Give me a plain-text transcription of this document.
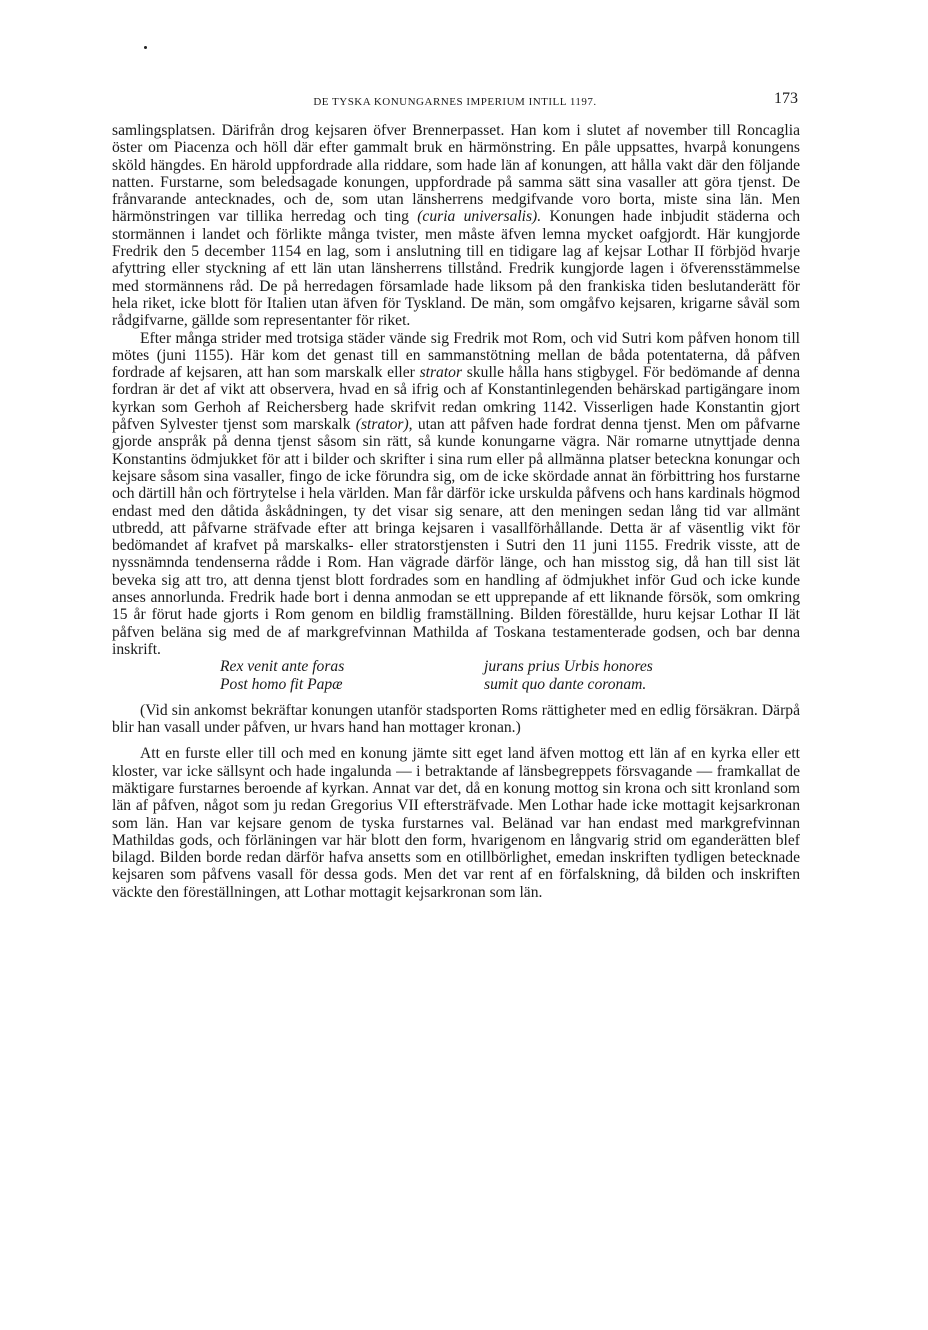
DE TYSKA KONUNGARNES IMPERIUM INTILL 1197.	173

samlingsplatsen. Därifrån drog kejsaren öfver Brennerpasset. Han kom i slutet af november till Roncaglia öster om Piacenza och höll där efter gammalt bruk en härmönstring. En påle uppsattes, hvarpå konungens sköld hängdes. En härold uppfordrade alla riddare, som hade län af konungen, att hålla vakt där den följande natten. Furstarne, som beledsagade konungen, uppfordrade på samma sätt sina vasaller att göra tjenst. De frånvarande antecknades, och de, som utan länsherrens medgifvande voro borta, miste sina län. Men härmönstringen var tillika herredag och ting (curia universalis). Konungen hade inbjudit städerna och stormännen i landet och förlikte många tvister, men måste äfven lemna mycket oafgjordt. Här kungjorde Fredrik den 5 december 1154 en lag, som i anslutning till en tidigare lag af kejsar Lothar II förbjöd hvarje afyttring eller styckning af ett län utan länsherrens tillstånd. Fredrik kungjorde lagen i öfverensstämmelse med stormännens råd. De på herredagen församlade hade liksom på den frankiska tiden beslutanderätt för hela riket, icke blott för Italien utan äfven för Tyskland. De män, som omgåfvo kejsaren, krigarne såväl som rådgifvarne, gällde som representanter för riket.

Efter många strider med trotsiga städer vände sig Fredrik mot Rom, och vid Sutri kom påfven honom till mötes (juni 1155). Här kom det genast till en sammanstötning mellan de båda potentaterna, då påfven fordrade af kejsaren, att han som marskalk eller strator skulle hålla hans stigbygel. För bedömande af denna fordran är det af vikt att observera, hvad en så ifrig och af Konstantinlegenden behärskad partigängare inom kyrkan som Gerhoh af Reichersberg hade skrifvit redan omkring 1142. Visserligen hade Konstantin gjort påfven Sylvester tjenst som marskalk (strator), utan att påfven hade fordrat denna tjenst. Men om påfvarne gjorde anspråk på denna tjenst såsom sin rätt, så kunde konungarne vägra. När romarne utnyttjade denna Konstantins ödmjukket för att i bilder och skrifter i sina rum eller på allmänna platser beteckna konungar och kejsare såsom sina vasaller, fingo de icke förundra sig, om de icke skördade annat än förbittring hos furstarne och därtill hån och förtrytelse i hela världen. Man får därför icke urskulda påfvens och hans kardinals högmod endast med den dåtida åskådningen, ty det visar sig senare, att den meningen sedan lång tid var allmänt utbredd, att påfvarne sträfvade efter att bringa kejsaren i vasallförhållande. Detta är af väsentlig vikt för bedömandet af krafvet på marskalks- eller stratorstjensten i Sutri den 11 juni 1155. Fredrik visste, att de nyssnämnda tendenserna rådde i Rom. Han vägrade därför länge, och han misstog sig, då han till sist lät beveka sig att tro, att denna tjenst blott fordrades som en handling af ödmjukhet inför Gud och icke kunde anses annorlunda. Fredrik hade bort i denna anmodan se ett upprepande af ett liknande försök, som omkring 15 år förut hade gjorts i Rom genom en bildlig framställning. Bilden föreställde, huru kejsar Lothar II lät påfven beläna sig med de af markgrefvinnan Mathilda af Toskana testamenterade godsen, och bar denna inskrift.

Rex venit ante foras
Post homo fit Papæ
jurans prius Urbis honores
sumit quo dante coronam.

(Vid sin ankomst bekräftar konungen utanför stadsporten Roms rättigheter med en edlig försäkran. Därpå blir han vasall under påfven, ur hvars hand han mottager kronan.)

Att en furste eller till och med en konung jämte sitt eget land äfven mottog ett län af en kyrka eller ett kloster, var icke sällsynt och hade ingalunda — i betraktande af länsbegreppets försvagande — framkallat de mäktigare furstarnes beroende af kyrkan. Annat var det, då en konung mottog sin krona och sitt kronland som län af påfven, något som ju redan Gregorius VII eftersträfvade. Men Lothar hade icke mottagit kejsarkronan som län. Han var kejsare genom de tyska furstarnes val. Belänad var han endast med markgrefvinnan Mathildas gods, och förläningen var här blott den form, hvarigenom en långvarig strid om eganderätten blef bilagd. Bilden borde redan därför hafva ansetts som en otillbörlighet, emedan inskriften tydligen betecknade kejsaren som påfvens vasall för dessa gods. Men det var rent af en förfalskning, då bilden och inskriften väckte den föreställningen, att Lothar mottagit kejsarkronan som län.
